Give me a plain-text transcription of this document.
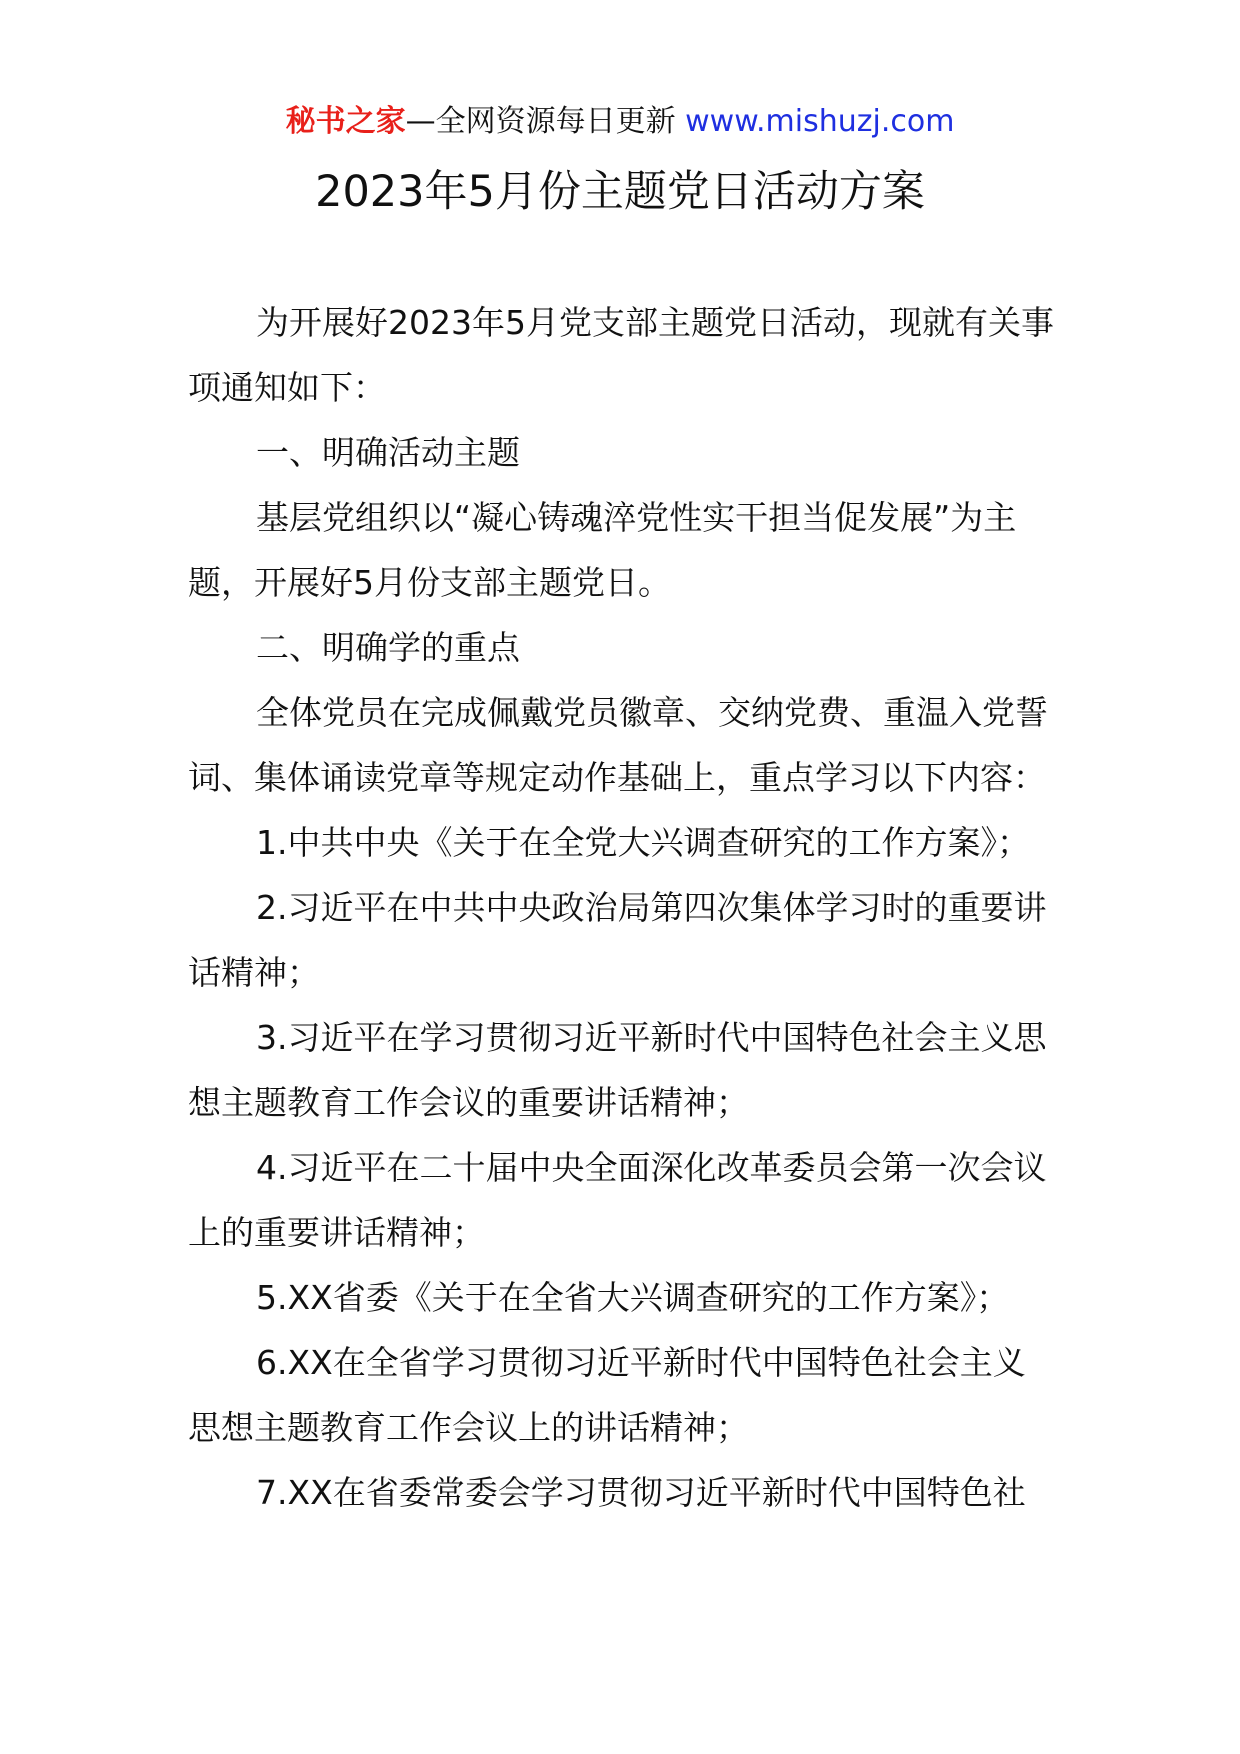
秘书之家—全网资源每日更新 www.mishuzj.com
2023年5月份主题党日活动方案

为开展好2023年5月党支部主题党日活动，现就有关事项通知如下：

一、明确活动主题

基层党组织以“凝心铸魂淬党性实干担当促发展”为主题，开展好5月份支部主题党日。

二、明确学的重点

全体党员在完成佩戴党员徽章、交纳党费、重温入党誓词、集体诵读党章等规定动作基础上，重点学习以下内容：

1.中共中央《关于在全党大兴调查研究的工作方案》；

2.习近平在中共中央政治局第四次集体学习时的重要讲话精神；

3.习近平在学习贯彻习近平新时代中国特色社会主义思想主题教育工作会议的重要讲话精神；

4.习近平在二十届中央全面深化改革委员会第一次会议上的重要讲话精神；

5.XX省委《关于在全省大兴调查研究的工作方案》；

6.XX在全省学习贯彻习近平新时代中国特色社会主义思想主题教育工作会议上的讲话精神；

7.XX在省委常委会学习贯彻习近平新时代中国特色社
